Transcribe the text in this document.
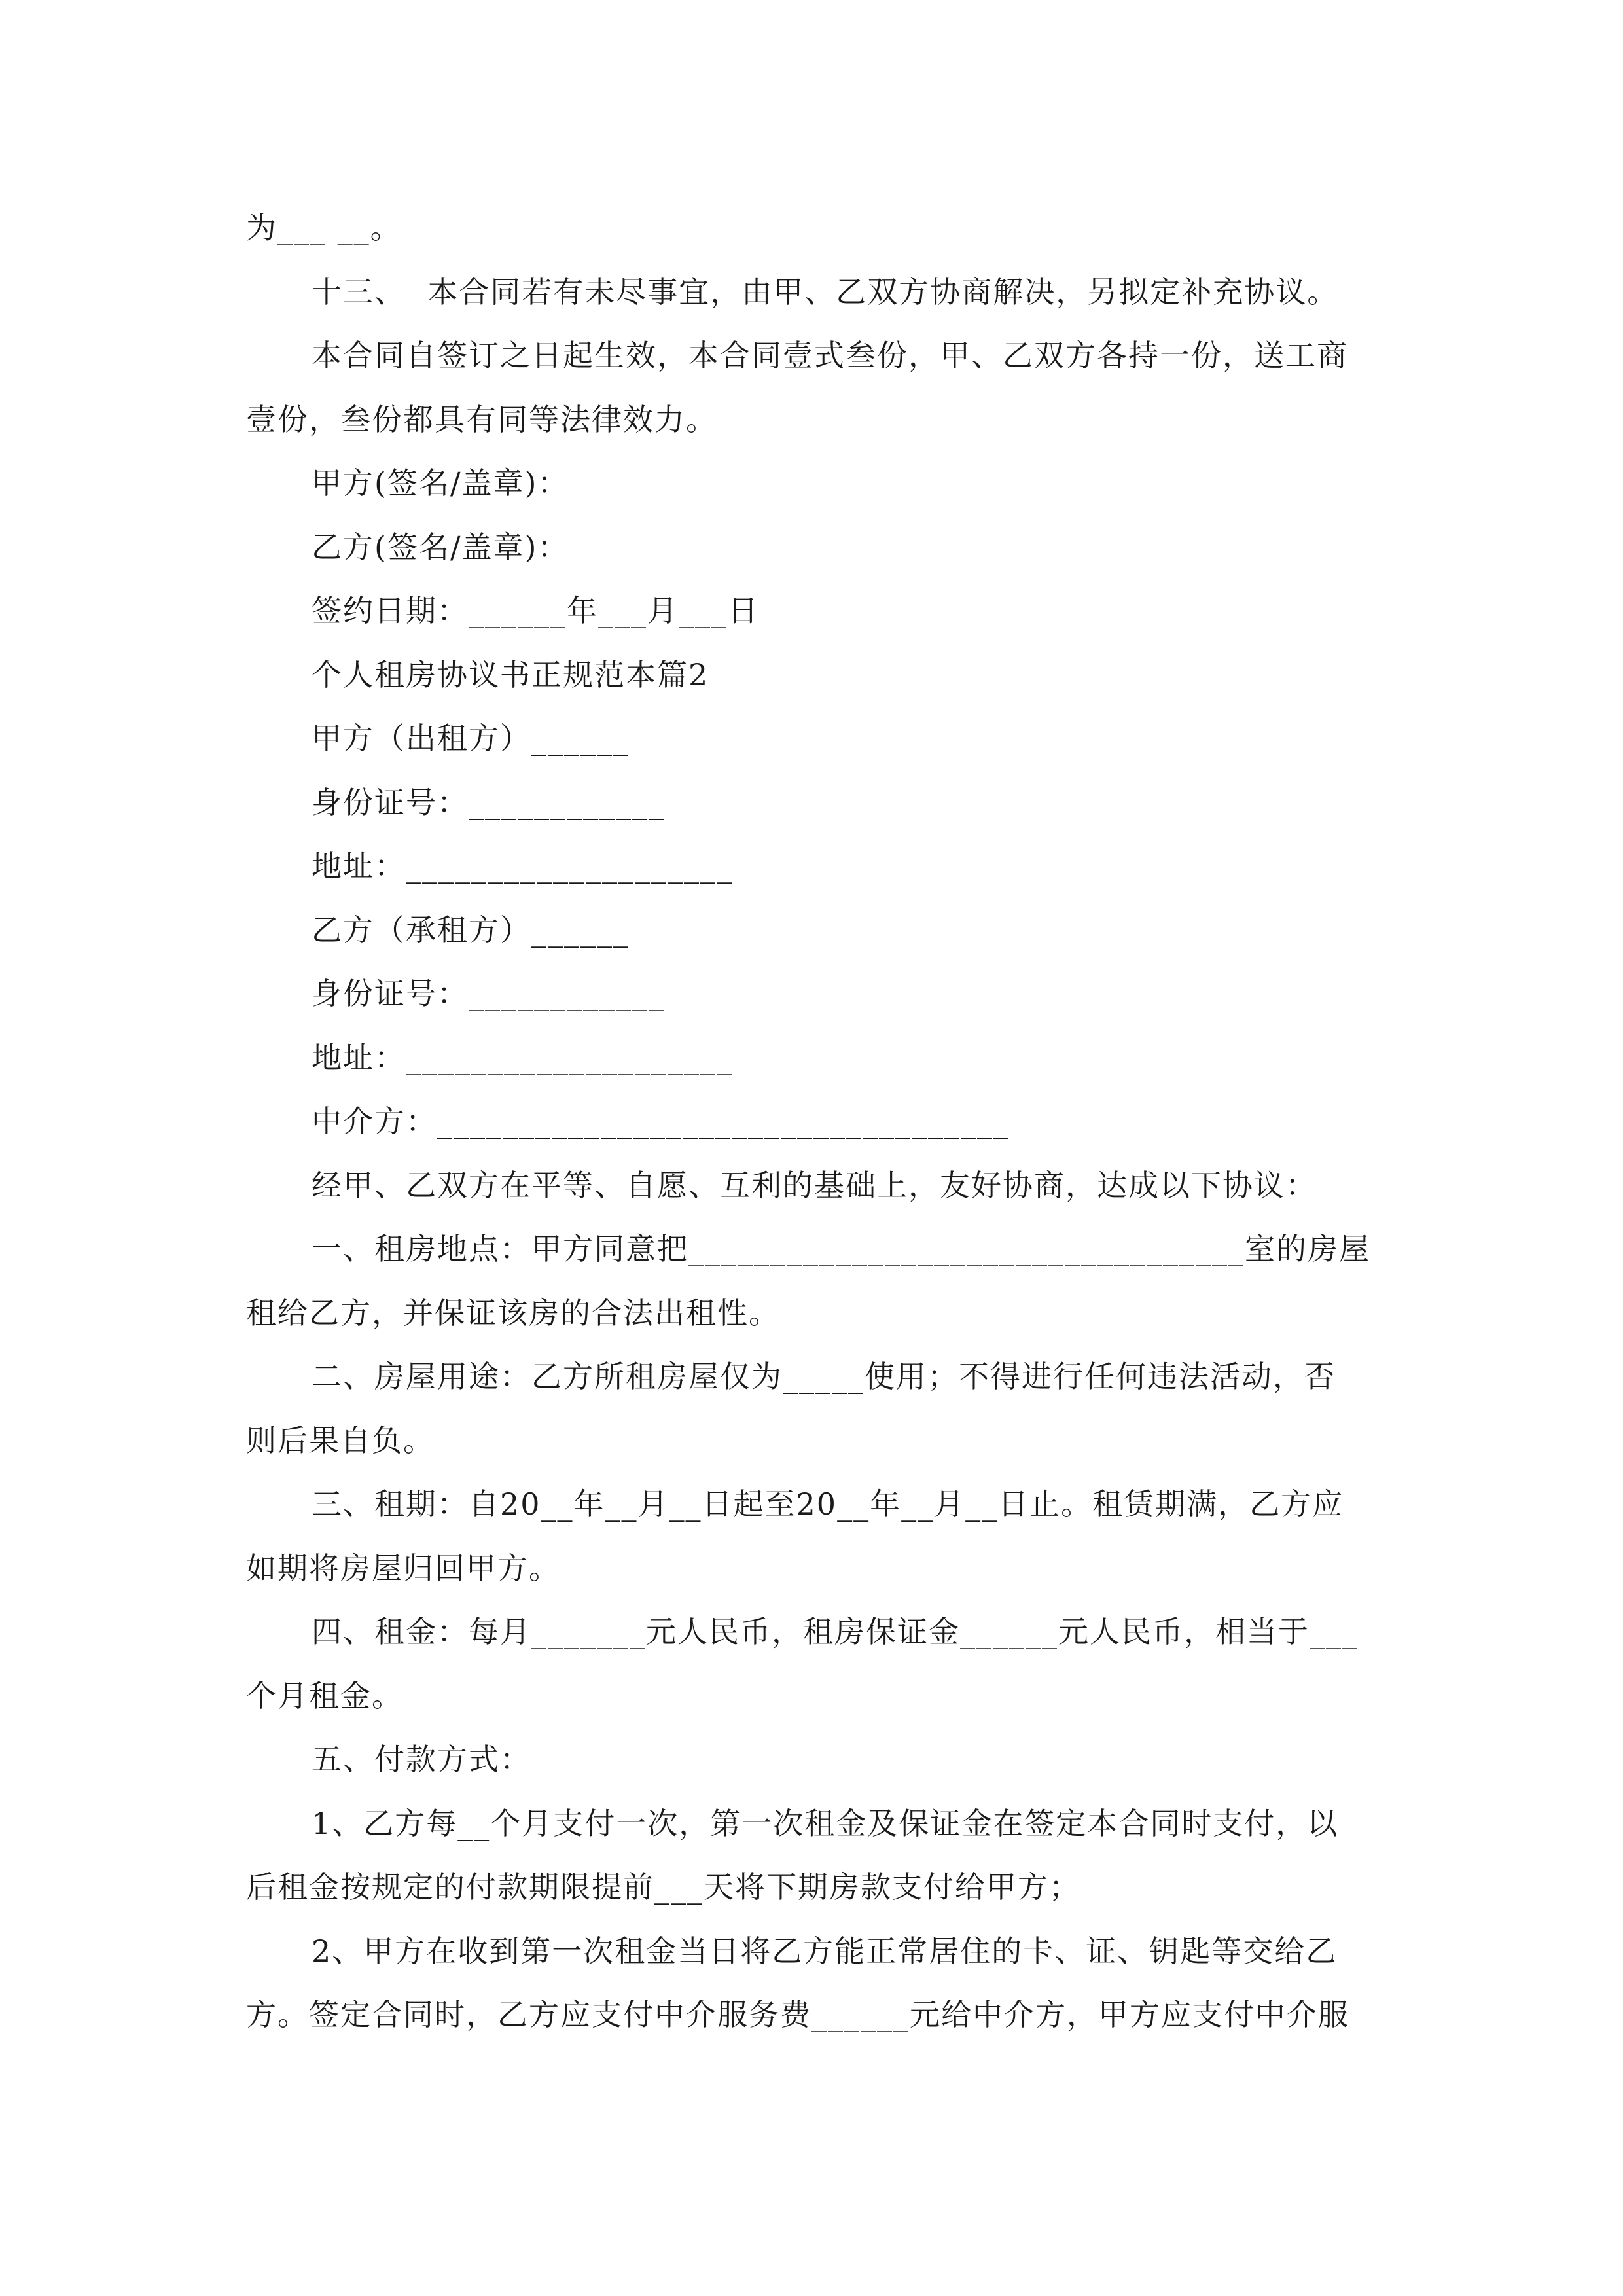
为___ __。
十三、  本合同若有未尽事宜，由甲、乙双方协商解决，另拟定补充协议。
本合同自签订之日起生效，本合同壹式叁份，甲、乙双方各持一份，送工商
壹份，叁份都具有同等法律效力。
甲方(签名/盖章)：
乙方(签名/盖章)：
签约日期：______年___月___日
个人租房协议书正规范本篇2
甲方（出租方）______
身份证号：____________
地址：____________________
乙方（承租方）______
身份证号：____________
地址：____________________
中介方：___________________________________
经甲、乙双方在平等、自愿、互利的基础上，友好协商，达成以下协议：
一、租房地点：甲方同意把__________________________________室的房屋
租给乙方，并保证该房的合法出租性。
二、房屋用途：乙方所租房屋仅为_____使用；不得进行任何违法活动，否
则后果自负。
三、租期：自20__年__月__日起至20__年__月__日止。租赁期满，乙方应
如期将房屋归回甲方。
四、租金：每月_______元人民币，租房保证金______元人民币，相当于___
个月租金。
五、付款方式：
1、乙方每__个月支付一次，第一次租金及保证金在签定本合同时支付，以
后租金按规定的付款期限提前___天将下期房款支付给甲方；
2、甲方在收到第一次租金当日将乙方能正常居住的卡、证、钥匙等交给乙
方。签定合同时，乙方应支付中介服务费______元给中介方，甲方应支付中介服
